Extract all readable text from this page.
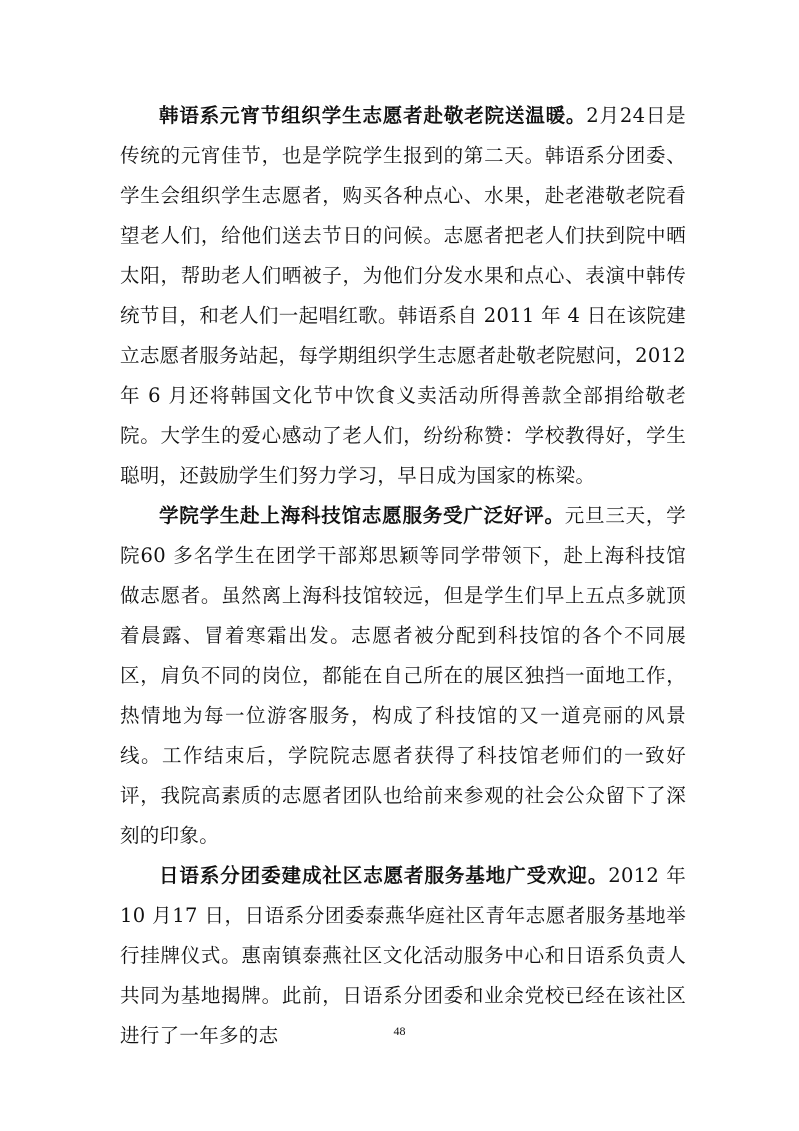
韩语系元宵节组织学生志愿者赴敬老院送温暖。2月24日是传统的元宵佳节，也是学院学生报到的第二天。韩语系分团委、学生会组织学生志愿者，购买各种点心、水果，赴老港敬老院看望老人们，给他们送去节日的问候。志愿者把老人们扶到院中晒太阳，帮助老人们晒被子，为他们分发水果和点心、表演中韩传统节目，和老人们一起唱红歌。韩语系自 2011 年 4 日在该院建立志愿者服务站起，每学期组织学生志愿者赴敬老院慰问，2012 年 6 月还将韩国文化节中饮食义卖活动所得善款全部捐给敬老院。大学生的爱心感动了老人们，纷纷称赞：学校教得好，学生聪明，还鼓励学生们努力学习，早日成为国家的栋梁。

学院学生赴上海科技馆志愿服务受广泛好评。元旦三天，学院60 多名学生在团学干部郑思颖等同学带领下，赴上海科技馆做志愿者。虽然离上海科技馆较远，但是学生们早上五点多就顶着晨露、冒着寒霜出发。志愿者被分配到科技馆的各个不同展区，肩负不同的岗位，都能在自己所在的展区独挡一面地工作，热情地为每一位游客服务，构成了科技馆的又一道亮丽的风景线。工作结束后，学院院志愿者获得了科技馆老师们的一致好评，我院高素质的志愿者团队也给前来参观的社会公众留下了深刻的印象。

日语系分团委建成社区志愿者服务基地广受欢迎。2012 年 10 月17 日，日语系分团委泰燕华庭社区青年志愿者服务基地举行挂牌仪式。惠南镇泰燕社区文化活动服务中心和日语系负责人共同为基地揭牌。此前，日语系分团委和业余党校已经在该社区进行了一年多的志	48
